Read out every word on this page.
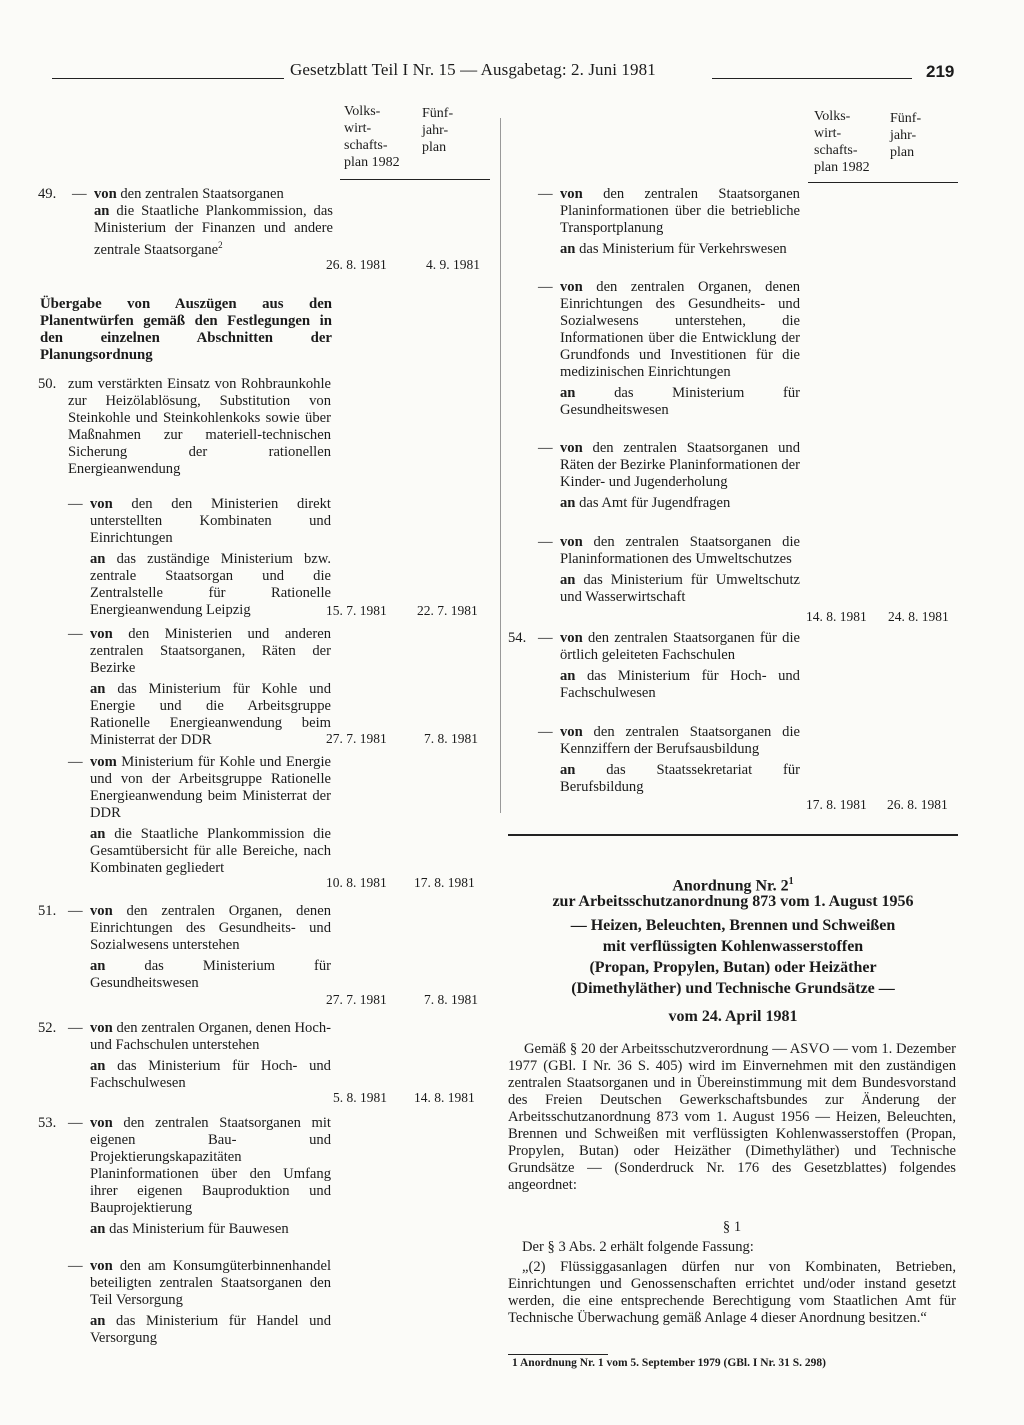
Gesetzblatt Teil I Nr. 15 — Ausgabetag: 2. Juni 1981	219
Volks-
wirt-
schafts-
plan 1982
Fünf-
jahr-
plan
Volks-
wirt-
schafts-
plan 1982
Fünf-
jahr-
plan
49. — von den zentralen Staatsorganen
an die Staatliche Plankommission, das Ministerium der Finanzen und andere zentrale Staatsorgane$^2$
26. 8. 1981	4. 9. 1981
Übergabe von Auszügen aus den Planentwürfen gemäß den Festlegungen in den einzelnen Abschnitten der Planungsordnung
50. zum verstärkten Einsatz von Rohbraunkohle zur Heizölablösung, Substitution von Steinkohle und Steinkohlenkoks sowie über Maßnahmen zur materiell-technischen Sicherung der rationellen Energieanwendung
— von den den Ministerien direkt unterstellten Kombinaten und Einrichtungen
an das zuständige Ministerium bzw. zentrale Staatsorgan und die Zentralstelle für Rationelle Energieanwendung Leipzig	15. 7. 1981 22. 7. 1981
— von den Ministerien und anderen zentralen Staatsorganen, Räten der Bezirke
an das Ministerium für Kohle und Energie und die Arbeitsgruppe Rationelle Energieanwendung beim Ministerrat der DDR	27. 7. 1981	7. 8. 1981
— vom Ministerium für Kohle und Energie und von der Arbeitsgruppe Rationelle Energieanwendung beim Ministerrat der DDR
an die Staatliche Plankommission die Gesamtübersicht für alle Bereiche, nach Kombinaten gegliedert
10. 8. 1981 17. 8. 1981
51. — von den zentralen Organen, denen Einrichtungen des Gesundheits- und Sozialwesens unterstehen
an	das Ministerium für Gesundheitswesen
27. 7. 1981	7. 8. 1981
52. — von den zentralen Organen, denen Hoch- und Fachschulen unterstehen
an das Ministerium für Hoch- und Fachschulwesen
5. 8. 1981 14. 8. 1981
53. — von den zentralen Staatsorganen mit eigenen Bau- und Projektierungskapazitäten Planinformationen über den Umfang ihrer eigenen Bauproduktion und Bauprojektierung
an das Ministerium für Bauwesen
— von den am Konsumgüterbinnenhandel beteiligten zentralen Staatsorganen den Teil Versorgung
an das Ministerium für Handel und Versorgung
— von den zentralen Staatsorganen Planinformationen über die betriebliche Transportplanung
an das Ministerium für Verkehrswesen
— von den zentralen Organen, denen Einrichtungen des Gesundheits- und Sozialwesens unterstehen, die Informationen über die Entwicklung der Grundfonds und Investitionen für die medizinischen Einrichtungen
an	das Ministerium für Gesundheitswesen
— von den zentralen Staatsorganen und Räten der Bezirke Planinformationen der Kinder- und Jugenderholung
an das Amt für Jugendfragen
— von den zentralen Staatsorganen die Planinformationen des Umweltschutzes
an das Ministerium für Umweltschutz und Wasserwirtschaft
14. 8. 1981 24. 8. 1981
54. — von den zentralen Staatsorganen für die örtlich geleiteten Fachschulen
an das Ministerium für Hoch- und Fachschulwesen
— von den zentralen Staatsorganen die Kennziffern der Berufsausbildung
an das Staatssekretariat für Berufsbildung
17. 8. 1981 26. 8. 1981
Anordnung Nr. $2^1$
zur Arbeitsschutzanordnung 873 vom 1. August 1956
— Heizen, Beleuchten, Brennen und Schweißen
mit verflüssigten Kohlenwasserstoffen
(Propan, Propylen, Butan) oder Heizäther
(Dimethyläther) und Technische Grundsätze —
vom 24. April 1981
Gemäß § 20 der Arbeitsschutzverordnung — ASVO — vom 1. Dezember 1977 (GBl. I Nr. 36 S. 405) wird im Einvernehmen mit den zuständigen zentralen Staatsorganen und in Übereinstimmung mit dem Bundesvorstand des Freien Deutschen Gewerkschaftsbundes zur Änderung der Arbeitsschutzanordnung 873 vom 1. August 1956 — Heizen, Beleuchten, Brennen und Schweißen mit verflüssigten Kohlenwasserstoffen (Propan, Propylen, Butan) oder Heizäther (Dimethyläther) und Technische Grundsätze — (Sonderdruck Nr. 176 des Gesetzblattes) folgendes angeordnet:
§ 1
Der § 3 Abs. 2 erhält folgende Fassung:
„(2) Flüssiggasanlagen dürfen nur von Kombinaten, Betrieben, Einrichtungen und Genossenschaften errichtet und/oder instand gesetzt werden, die eine entsprechende Berechtigung vom Staatlichen Amt für Technische Überwachung gemäß Anlage 4 dieser Anordnung besitzen.“
1 Anordnung Nr. 1 vom 5. September 1979 (GBl. I Nr. 31 S. 298)
